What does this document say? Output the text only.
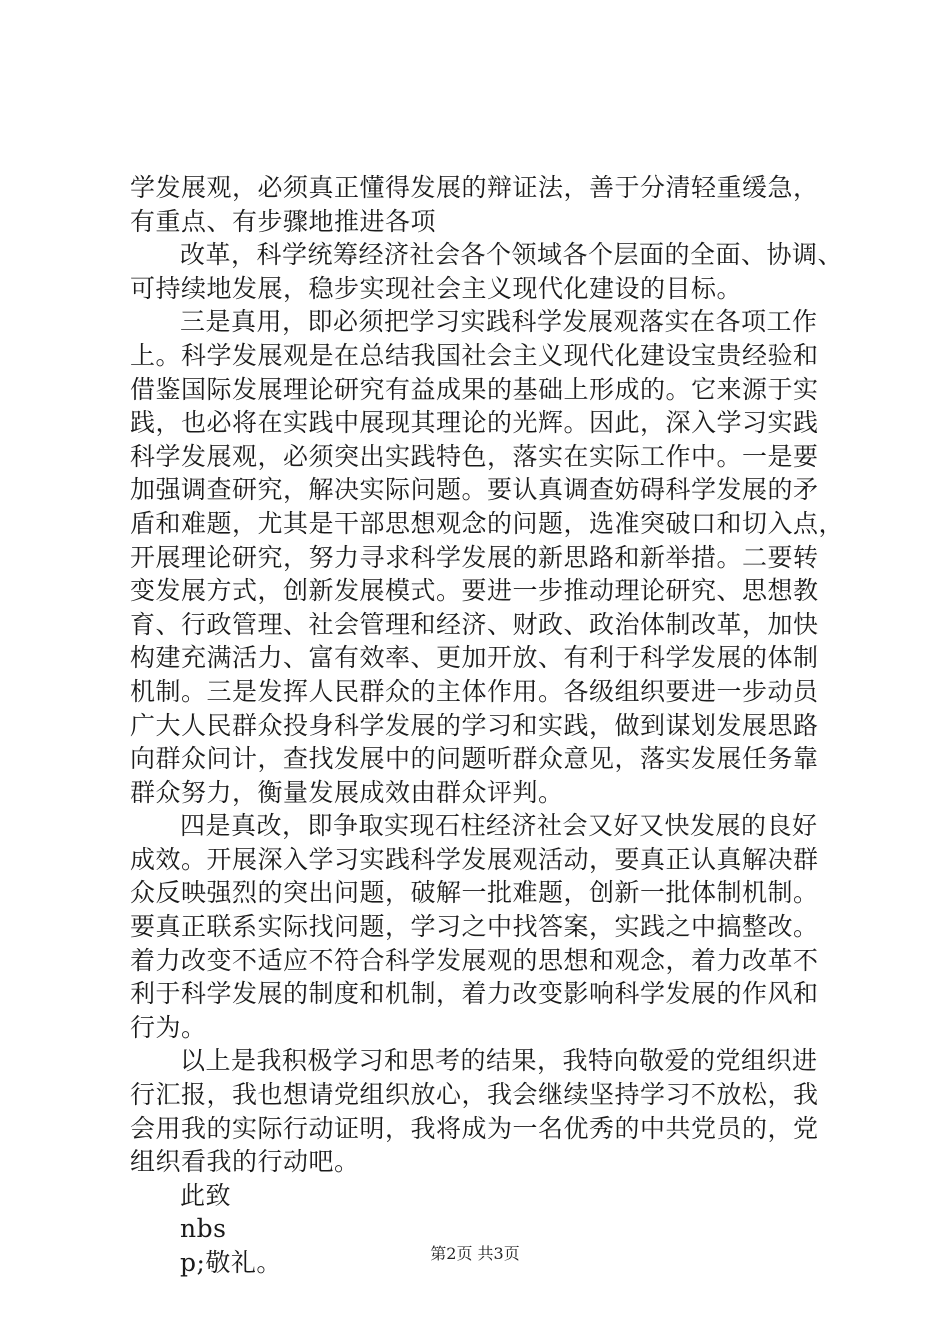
学发展观，必须真正懂得发展的辩证法，善于分清轻重缓急，
有重点、有步骤地推进各项
改革，科学统筹经济社会各个领域各个层面的全面、协调、
可持续地发展，稳步实现社会主义现代化建设的目标。
三是真用，即必须把学习实践科学发展观落实在各项工作
上。科学发展观是在总结我国社会主义现代化建设宝贵经验和
借鉴国际发展理论研究有益成果的基础上形成的。它来源于实
践，也必将在实践中展现其理论的光辉。因此，深入学习实践
科学发展观，必须突出实践特色，落实在实际工作中。一是要
加强调查研究，解决实际问题。要认真调查妨碍科学发展的矛
盾和难题，尤其是干部思想观念的问题，选准突破口和切入点，
开展理论研究，努力寻求科学发展的新思路和新举措。二要转
变发展方式，创新发展模式。要进一步推动理论研究、思想教
育、行政管理、社会管理和经济、财政、政治体制改革，加快
构建充满活力、富有效率、更加开放、有利于科学发展的体制
机制。三是发挥人民群众的主体作用。各级组织要进一步动员
广大人民群众投身科学发展的学习和实践，做到谋划发展思路
向群众问计，查找发展中的问题听群众意见，落实发展任务靠
群众努力，衡量发展成效由群众评判。
四是真改，即争取实现石柱经济社会又好又快发展的良好
成效。开展深入学习实践科学发展观活动，要真正认真解决群
众反映强烈的突出问题，破解一批难题，创新一批体制机制。
要真正联系实际找问题，学习之中找答案，实践之中搞整改。
着力改变不适应不符合科学发展观的思想和观念，着力改革不
利于科学发展的制度和机制，着力改变影响科学发展的作风和
行为。
以上是我积极学习和思考的结果，我特向敬爱的党组织进
行汇报，我也想请党组织放心，我会继续坚持学习不放松，我
会用我的实际行动证明，我将成为一名优秀的中共党员的，党
组织看我的行动吧。
此致
nbs
p;敬礼。	第2页 共3页
